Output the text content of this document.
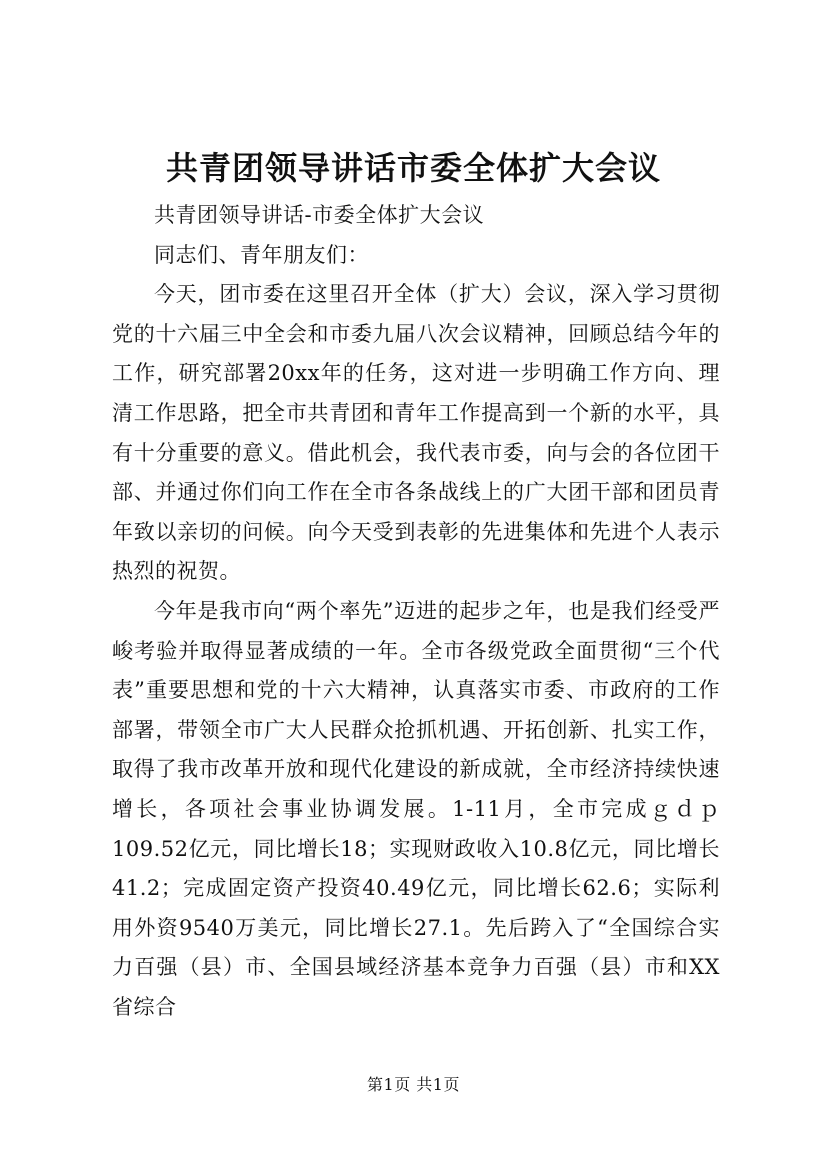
共青团领导讲话市委全体扩大会议

共青团领导讲话-市委全体扩大会议

同志们、青年朋友们：

今天，团市委在这里召开全体（扩大）会议，深入学习贯彻党的十六届三中全会和市委九届八次会议精神，回顾总结今年的工作，研究部署20xx年的任务，这对进一步明确工作方向、理清工作思路，把全市共青团和青年工作提高到一个新的水平，具有十分重要的意义。借此机会，我代表市委，向与会的各位团干部、并通过你们向工作在全市各条战线上的广大团干部和团员青年致以亲切的问候。向今天受到表彰的先进集体和先进个人表示热烈的祝贺。

今年是我市向“两个率先”迈进的起步之年，也是我们经受严峻考验并取得显著成绩的一年。全市各级党政全面贯彻“三个代表”重要思想和党的十六大精神，认真落实市委、市政府的工作部署，带领全市广大人民群众抢抓机遇、开拓创新、扎实工作，取得了我市改革开放和现代化建设的新成就，全市经济持续快速增长，各项社会事业协调发展。1-11月，全市完成ｇｄｐ109.52亿元，同比增长18；实现财政收入10.8亿元，同比增长41.2；完成固定资产投资40.49亿元，同比增长62.6；实际利用外资9540万美元，同比增长27.1。先后跨入了“全国综合实力百强（县）市、全国县域经济基本竞争力百强（县）市和XX省综合

第1页 共1页
